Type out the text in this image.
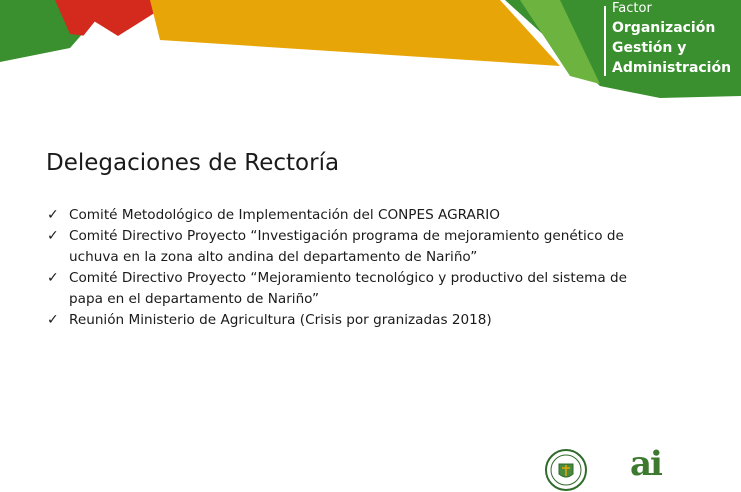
Factor
Organización
Gestión y
Administración
Delegaciones de Rectoría
✓ Comité Metodológico de Implementación del CONPES AGRARIO
✓ Comité Directivo Proyecto “Investigación programa de mejoramiento genético de uchuva en la zona alto andina del departamento de Nariño”
✓ Comité Directivo Proyecto “Mejoramiento tecnológico y productivo del sistema de papa en el departamento de Nariño”
✓ Reunión Ministerio de Agricultura (Crisis por granizadas 2018)
ai
